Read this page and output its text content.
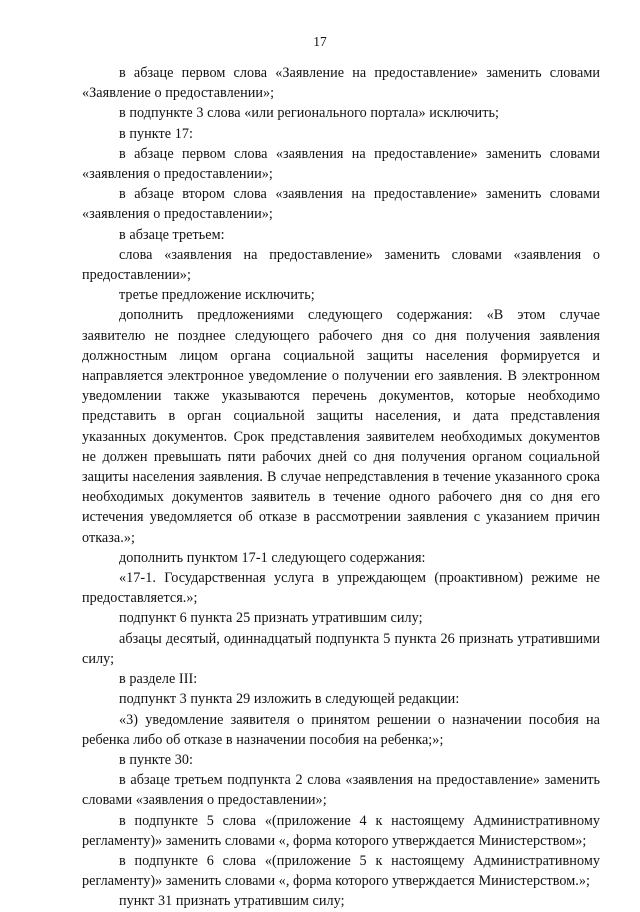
17

в абзаце первом слова «Заявление на предоставление» заменить словами «Заявление о предоставлении»;

в подпункте 3 слова «или регионального портала» исключить;

в пункте 17:

в абзаце первом слова «заявления на предоставление» заменить словами «заявления о предоставлении»;

в абзаце втором слова «заявления на предоставление» заменить словами «заявления о предоставлении»;

в абзаце третьем:

слова «заявления на предоставление» заменить словами «заявления о предоставлении»;

третье предложение исключить;

дополнить предложениями следующего содержания: «В этом случае заявителю не позднее следующего рабочего дня со дня получения заявления должностным лицом органа социальной защиты населения формируется и направляется электронное уведомление о получении его заявления. В электронном уведомлении также указываются перечень документов, которые необходимо представить в орган социальной защиты населения, и дата представления указанных документов. Срок представления заявителем необходимых документов не должен превышать пяти рабочих дней со дня получения органом социальной защиты населения заявления. В случае непредставления в течение указанного срока необходимых документов заявитель в течение одного рабочего дня со дня его истечения уведомляется об отказе в рассмотрении заявления с указанием причин отказа.»;

дополнить пунктом 17-1 следующего содержания:

«17-1. Государственная услуга в упреждающем (проактивном) режиме не предоставляется.»;

подпункт 6 пункта 25 признать утратившим силу;

абзацы десятый, одиннадцатый подпункта 5 пункта 26 признать утратившими силу;

в разделе III:

подпункт 3 пункта 29 изложить в следующей редакции:

«3) уведомление заявителя о принятом решении о назначении пособия на ребенка либо об отказе в назначении пособия на ребенка;»;

в пункте 30:

в абзаце третьем подпункта 2 слова «заявления на предоставление» заменить словами «заявления о предоставлении»;

в подпункте 5 слова «(приложение 4 к настоящему Административному регламенту)» заменить словами «, форма которого утверждается Министерством»;

в подпункте 6 слова «(приложение 5 к настоящему Административному регламенту)» заменить словами «, форма которого утверждается Министерством.»;

пункт 31 признать утратившим силу;
